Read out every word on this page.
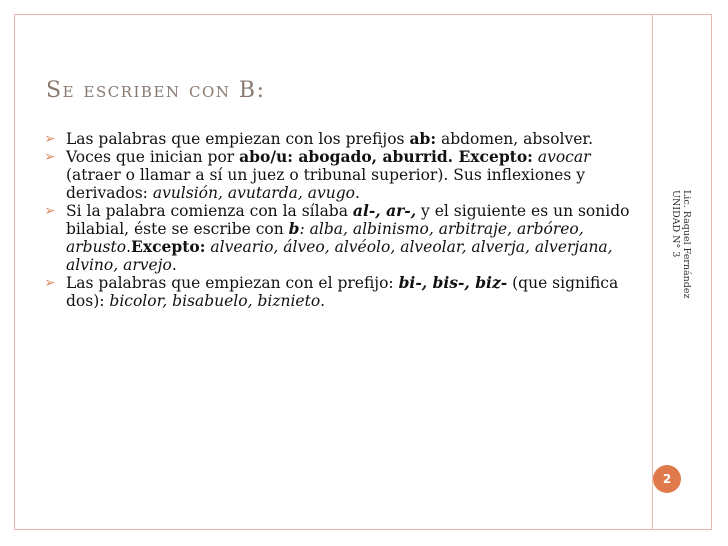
Se escriben con B:
➢ Las palabras que empiezan con los prefijos ab: abdomen, absolver.
➢ Voces que inician por abo/u: abogado, aburrid. Excepto: avocar (atraer o llamar a sí un juez o tribunal superior). Sus inflexiones y derivados: avulsión, avutarda, avugo.
➢ Si la palabra comienza con la sílaba al-, ar-, y el siguiente es un sonido bilabial, éste se escribe con b: alba, albinismo, arbitraje, arbóreo, arbusto.Excepto: alveario, álveo, alvéolo, alveolar, alverja, alverjana, alvino, arvejo.
➢ Las palabras que empiezan con el prefijo: bi-, bis-, biz- (que significa dos): bicolor, bisabuelo, biznieto.
Lic. Raquel Fernández
UNIDAD N° 3
2
